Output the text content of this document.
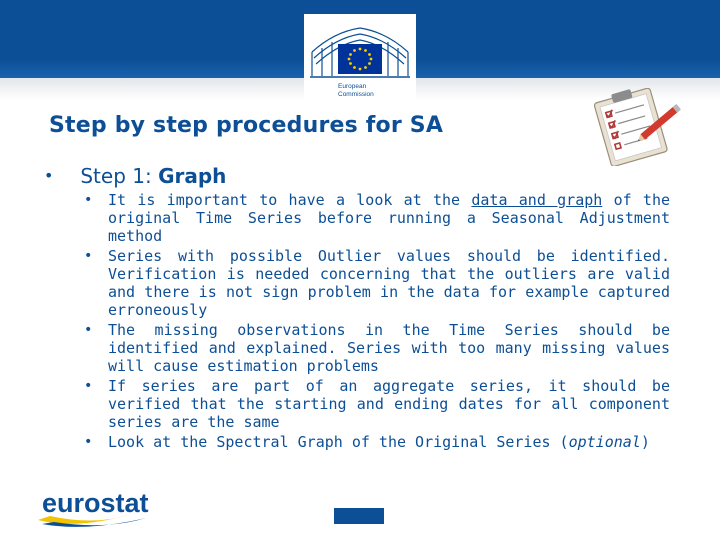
European
Commission
Step by step procedures for SA
• Step 1: Graph
• It is important to have a look at the data and graph of the original Time Series before running a Seasonal Adjustment method
• Series with possible Outlier values should be identified. Verification is needed concerning that the outliers are valid and there is not sign problem in the data for example captured erroneously
• The missing observations in the Time Series should be identified and explained. Series with too many missing values will cause estimation problems
• If series are part of an aggregate series, it should be verified that the starting and ending dates for all component series are the same
• Look at the Spectral Graph of the Original Series (optional)
eurostat
